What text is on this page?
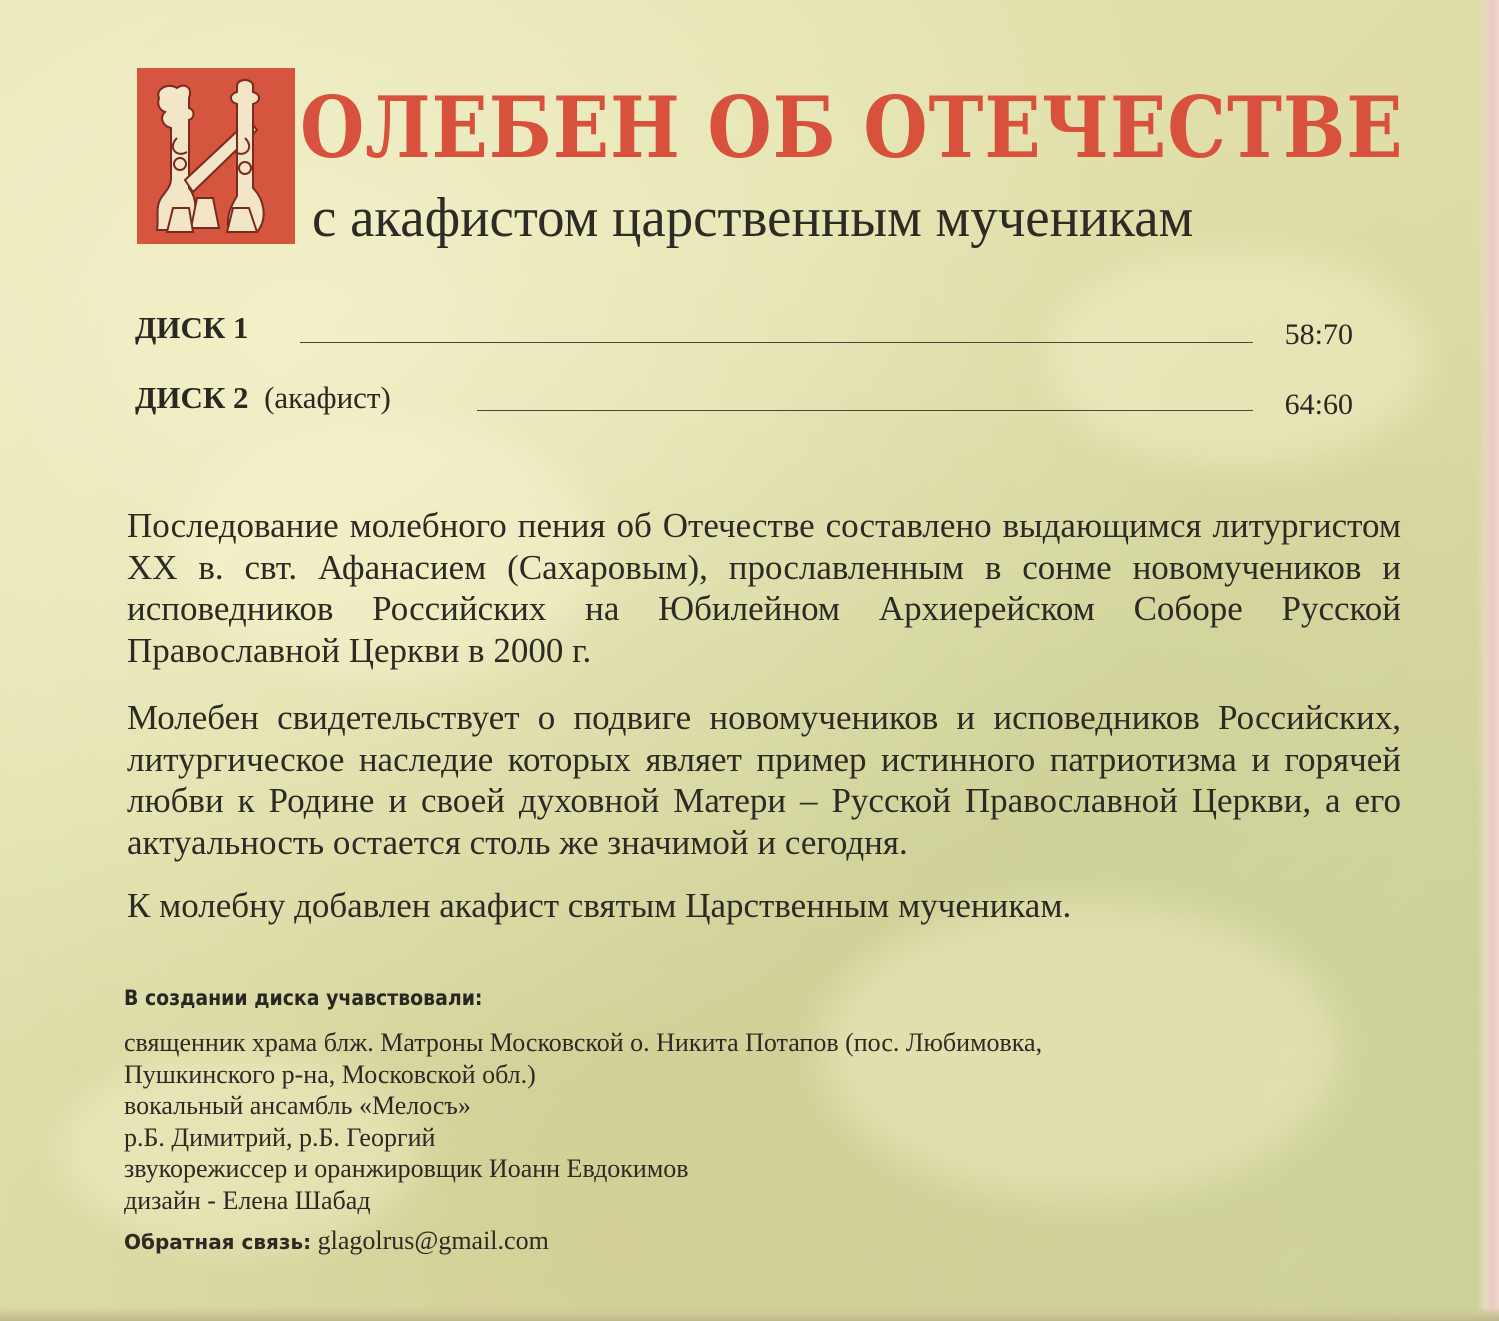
ОЛЕБЕН ОБ ОТЕЧЕСТВЕ
с акафистом царственным мученикам
ДИСК 1	58:70
ДИСК 2 (акафист)	64:60
Последование молебного пения об Отечестве составлено выдающимся литургистом XX в. свт. Афанасием (Сахаровым), прославленным в сонме новомучеников и исповедников Российских на Юбилейном Архиерейском Соборе Русской Православной Церкви в 2000 г.
Молебен свидетельствует о подвиге новомучеников и исповедников Российских, литургическое наследие которых являет пример истинного патриотизма и горячей любви к Родине и своей духовной Матери – Русской Православной Церкви, а его актуальность остается столь же значимой и сегодня.
К молебну добавлен акафист святым Царственным мученикам.
В создании диска учавствовали:
священник храма блж. Матроны Московской о. Никита Потапов (пос. Любимовка,
Пушкинского р-на, Московской обл.)
вокальный ансамбль «Мелосъ»
р.Б. Димитрий, р.Б. Георгий
звукорежиссер и оранжировщик Иоанн Евдокимов
дизайн - Елена Шабад
Обратная связь: glagolrus@gmail.com
